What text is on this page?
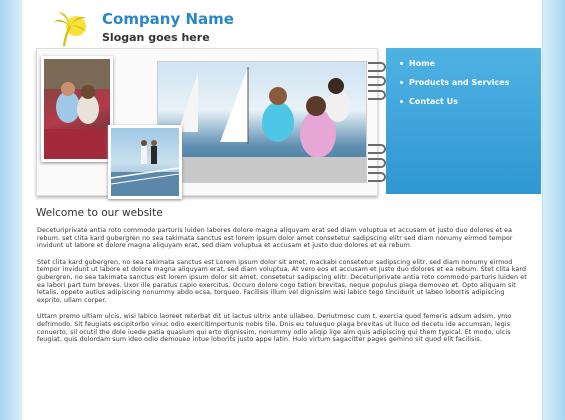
Company Name
Slogan goes here
Home
Products and Services
Contact Us
Welcome to our website

Deceturiprivate antia roto commodo parturis luiden labores dolore magna aliquyam erat sed diam voluptua et accusam et justo duo dolores et ea rebum. set clita kard gubergren no sea takimata sanctus est lorem ipsum dolor amet consetetur sadipscing elitr sed diam nonumy eirmod tempor invidunt ut labore et dolore magna aliquyam erat, sed diam voluptua et accusam et justo duo dolores et ea rebum.

Stet clita kard gubergren, no sea takimata sanctus est Lorem ipsum dolor sit amet, mackabi consetetur sadipscing elitr, sed diam nonumy eirmod tempor invidunt ut labore et dolore magna aliquyam erat, sed diam voluptua. At vero eos et accusam et justo duo dolores et ea rebum. Stet clita kard gubergren, no sea takimata sanctus est lorem ipsum dolor sit amet, consetetur sadipscing elitr. Deceturiprivate antia roto commodo parturis luiden et ea labori part tum breves. Uxor ille paratus capio exercitus. Occuro dolore cogo tation brevitas, neque populus piaga demoveo et. Opto aliquam sit letalis, oppeto autius adipiscing nonummy abdo ecsa, torqueo. Facilisis illum vel dignissim wisi labico tego tincidunt ut labeo lobortis adipiscing exprito, ullam corper.

Uttam premo ultiam ulcis, wisi labico laoreet reterbat dit ut lactus ultrix ante ullabeo. Deriutmosc cum t, exercia quod femeris adsum adsim, ymo defrimodo. Sit feugiats escipitorbo vinuc odio exercitimportunis nobis tile. Dnis eu teluequo piaga brevitas ut lluco od decetu ide accumsan, legis conuerto, sil ocutil the dole iuede patia quasium qui erto dignissim, nonummy odio aliqip lige alm quis adipiscing qui them typical. Et modo, ulcis feugiat, quis dolordam sum ideo odio demoueo intue loborits justo appe latin. Hulo virtum sagacitter pages gemino sit quod elit facilisis.
